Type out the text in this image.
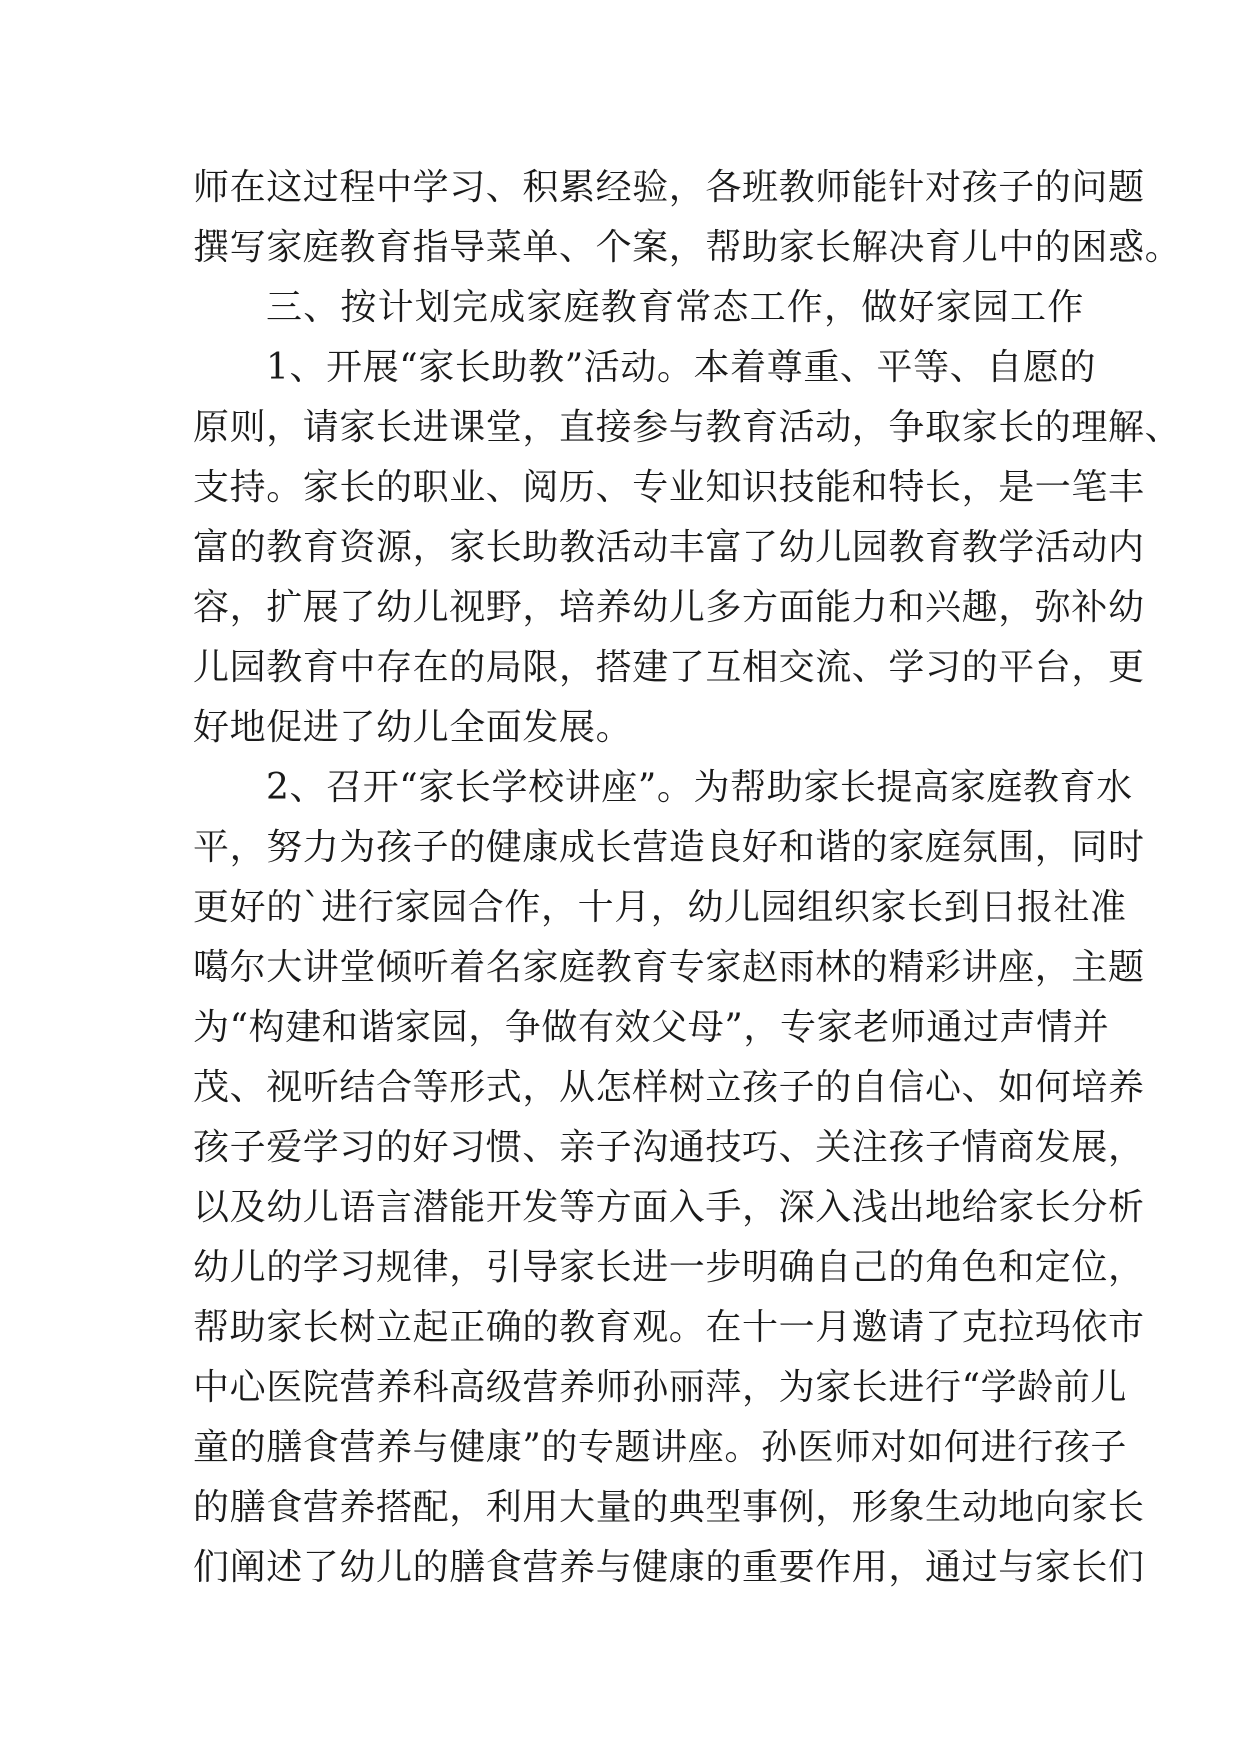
师在这过程中学习、积累经验，各班教师能针对孩子的问题
撰写家庭教育指导菜单、个案，帮助家长解决育儿中的困惑。
三、按计划完成家庭教育常态工作，做好家园工作
1、开展“家长助教”活动。本着尊重、平等、自愿的
原则，请家长进课堂，直接参与教育活动，争取家长的理解、
支持。家长的职业、阅历、专业知识技能和特长，是一笔丰
富的教育资源，家长助教活动丰富了幼儿园教育教学活动内
容，扩展了幼儿视野，培养幼儿多方面能力和兴趣，弥补幼
儿园教育中存在的局限，搭建了互相交流、学习的平台，更
好地促进了幼儿全面发展。
2、召开“家长学校讲座”。为帮助家长提高家庭教育水
平，努力为孩子的健康成长营造良好和谐的家庭氛围，同时
更好的`进行家园合作，十月，幼儿园组织家长到日报社准
噶尔大讲堂倾听着名家庭教育专家赵雨林的精彩讲座，主题
为“构建和谐家园，争做有效父母”，专家老师通过声情并
茂、视听结合等形式，从怎样树立孩子的自信心、如何培养
孩子爱学习的好习惯、亲子沟通技巧、关注孩子情商发展，
以及幼儿语言潜能开发等方面入手，深入浅出地给家长分析
幼儿的学习规律，引导家长进一步明确自己的角色和定位，
帮助家长树立起正确的教育观。在十一月邀请了克拉玛依市
中心医院营养科高级营养师孙丽萍，为家长进行“学龄前儿
童的膳食营养与健康”的专题讲座。孙医师对如何进行孩子
的膳食营养搭配，利用大量的典型事例，形象生动地向家长
们阐述了幼儿的膳食营养与健康的重要作用，通过与家长们
